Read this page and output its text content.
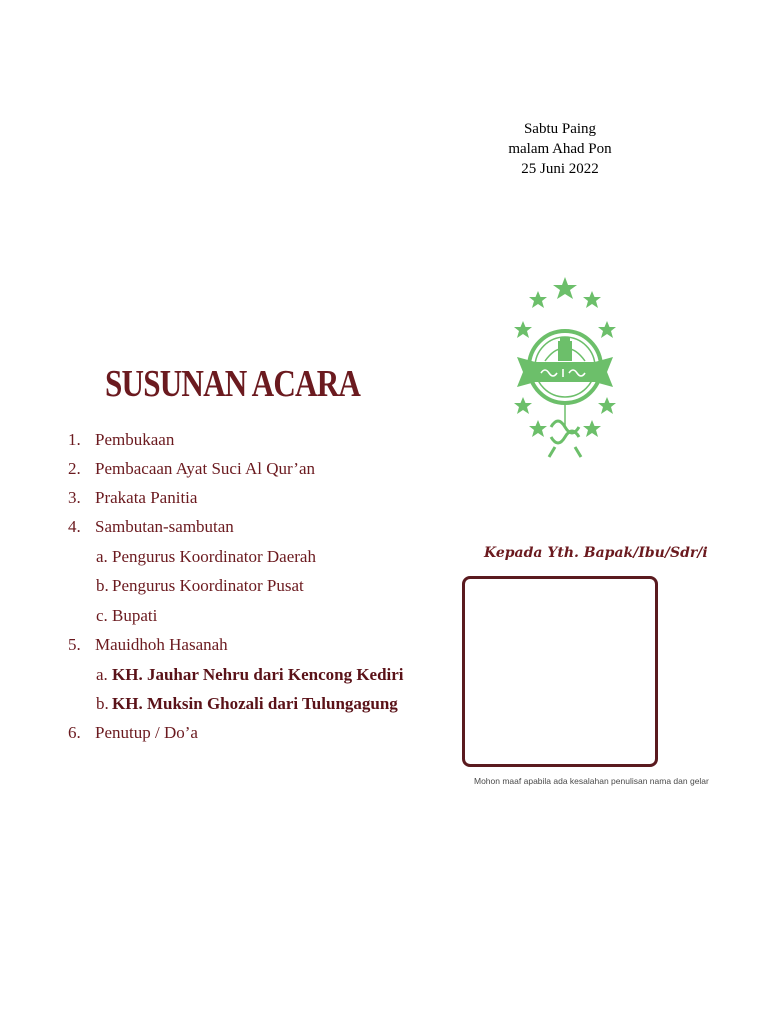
Sabtu Paing
malam Ahad Pon
25 Juni 2022
SUSUNAN ACARA
1. Pembukaan
2. Pembacaan Ayat Suci Al Qur’an
3. Prakata Panitia
4. Sambutan-sambutan
a. Pengurus Koordinator Daerah
b. Pengurus Koordinator Pusat
c. Bupati
5. Mauidhoh Hasanah
a. KH. Jauhar Nehru dari Kencong Kediri
b. KH. Muksin Ghozali dari Tulungagung
6. Penutup / Do’a
Kepada Yth. Bapak/Ibu/Sdr/i
Mohon maaf apabila ada kesalahan penulisan nama dan gelar
